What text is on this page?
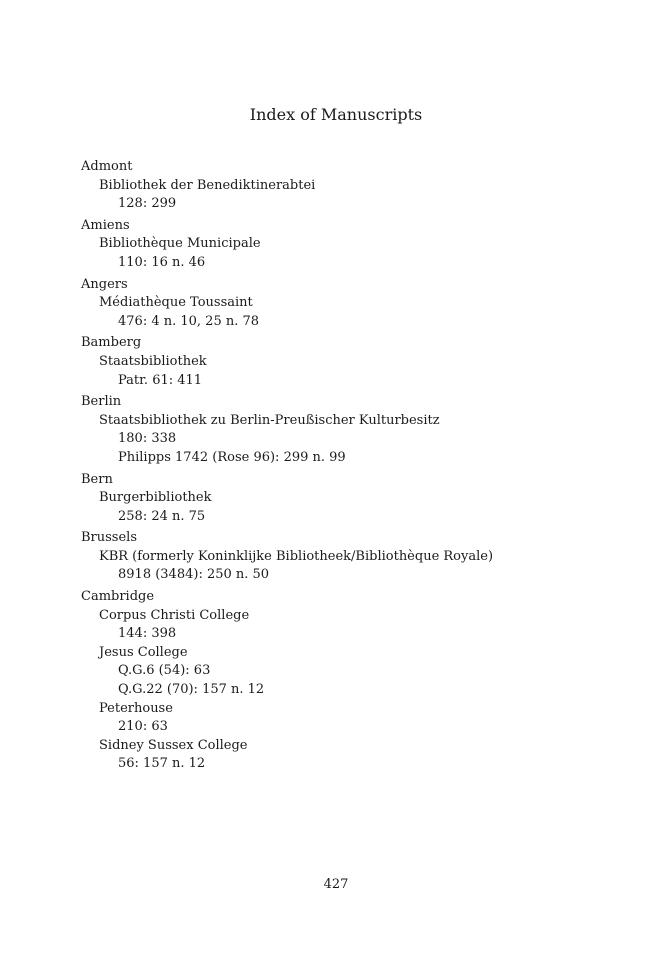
Index of Manuscripts
Admont
Bibliothek der Benediktinerabtei
128: 299
Amiens
Bibliothèque Municipale
110: 16 n. 46
Angers
Médiathèque Toussaint
476: 4 n. 10, 25 n. 78
Bamberg
Staatsbibliothek
Patr. 61: 411
Berlin
Staatsbibliothek zu Berlin-Preußischer Kulturbesitz
180: 338
Philipps 1742 (Rose 96): 299 n. 99
Bern
Burgerbibliothek
258: 24 n. 75
Brussels
KBR (formerly Koninklijke Bibliotheek/Bibliothèque Royale)
8918 (3484): 250 n. 50
Cambridge
Corpus Christi College
144: 398
Jesus College
Q.G.6 (54): 63
Q.G.22 (70): 157 n. 12
Peterhouse
210: 63
Sidney Sussex College
56: 157 n. 12
427
